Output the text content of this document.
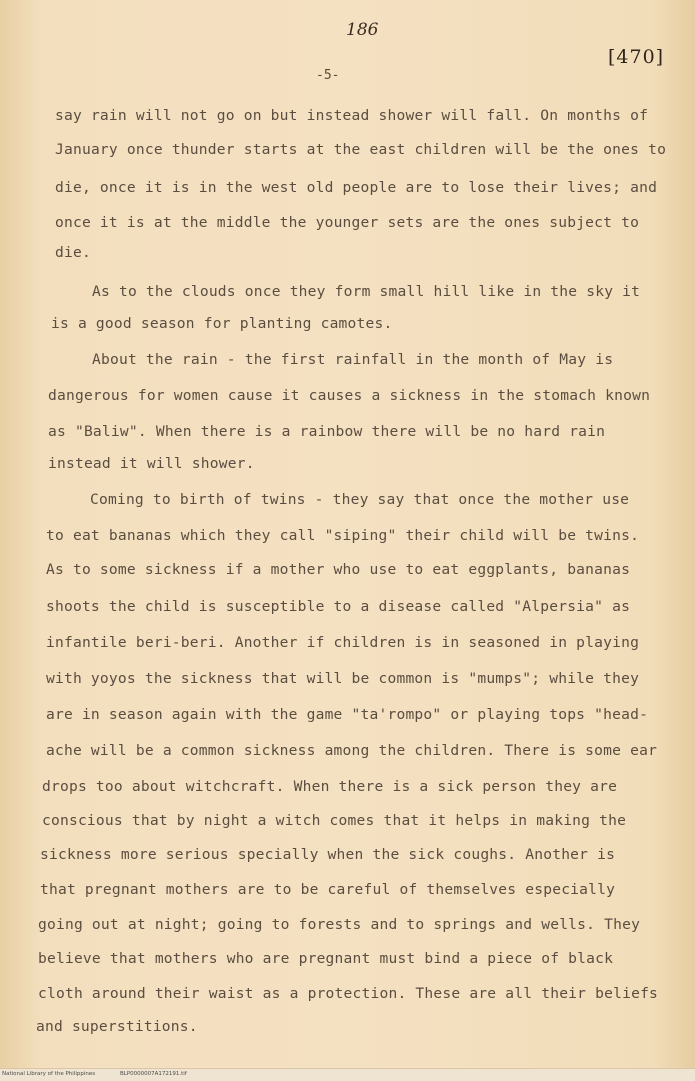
186
[470]
-5-
say rain will not go on but instead shower will fall. On months of
January once thunder starts at the east children will be the ones to
die, once it is in the west old people are to lose their lives; and
once it is at the middle the younger sets are the ones subject to
die.
As to the clouds once they form small hill like in the sky it
is a good season for planting camotes.
About the rain - the first rainfall in the month of May is
dangerous for women cause it causes a sickness in the stomach known
as "Baliw". When there is a rainbow there will be no hard rain
instead it will shower.
Coming to birth of twins - they say that once the mother use
to eat bananas which they call "siping" their child will be twins.
As to some sickness if a mother who use to eat eggplants, bananas
shoots the child is susceptible to a disease called "Alpersia" as
infantile beri-beri. Another if children is in seasoned in playing
with yoyos the sickness that will be common is "mumps"; while they
are in season again with the game "ta'rompo" or playing tops "head-
ache will be a common sickness among the children. There is some ear
drops too about witchcraft. When there is a sick person they are
conscious that by night a witch comes that it helps in making the
sickness more serious specially when the sick coughs. Another is
that pregnant mothers are to be careful of themselves especially
going out at night; going to forests and to springs and wells. They
believe that mothers who are pregnant must bind a piece of black
cloth around their waist as a protection. These are all their beliefs
and superstitions.
National Library of the Philippines	BLP0000007A172191.tif
